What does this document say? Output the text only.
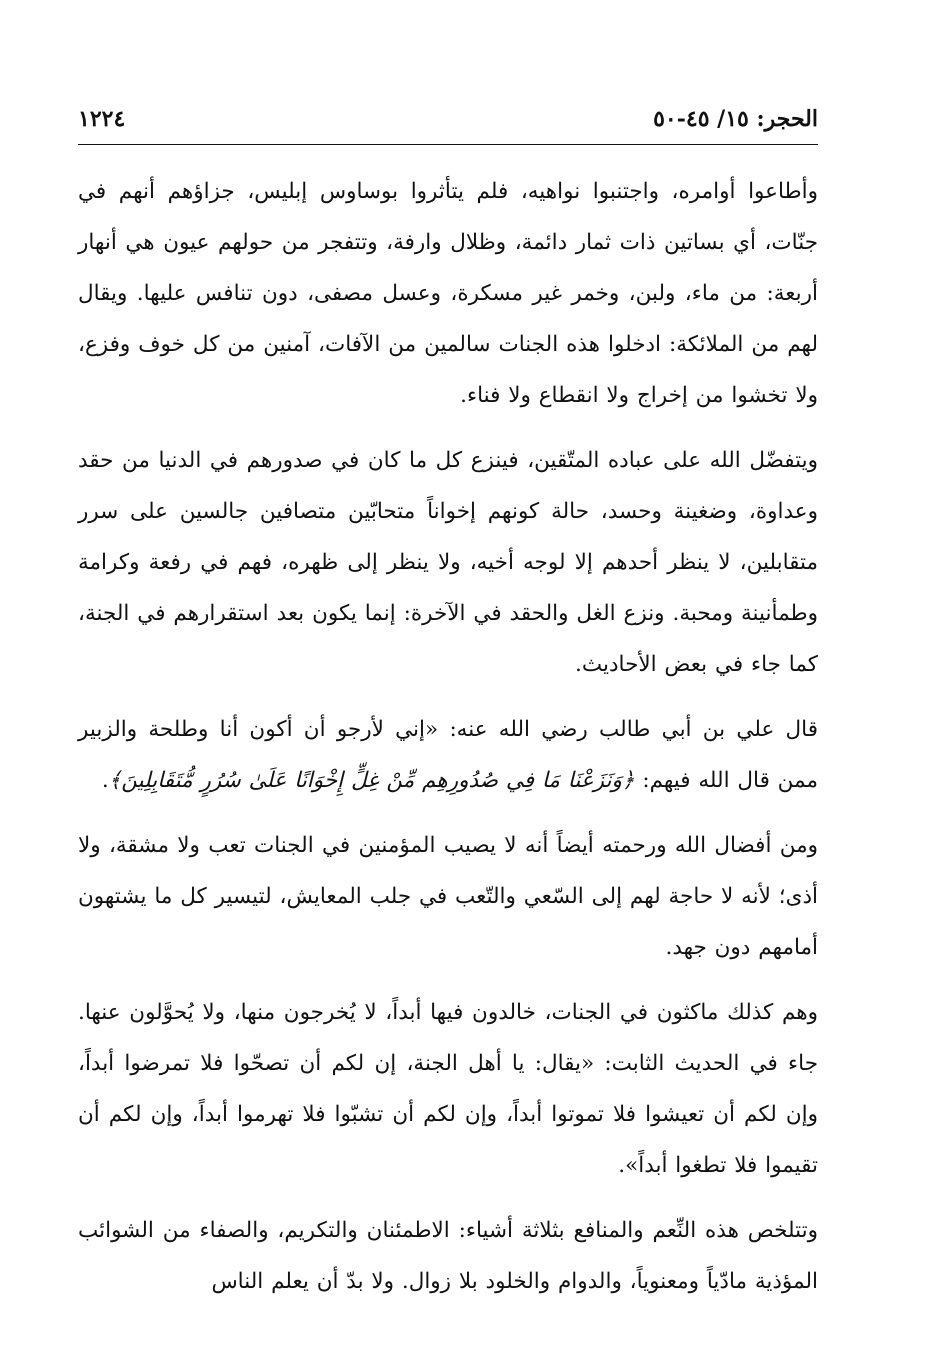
الحجر: ١٥/ ٤٥-٥٠
١٢٢٤

وأطاعوا أوامره، واجتنبوا نواهيه، فلم يتأثروا بوساوس إبليس، جزاؤهم أنهم في جنّات، أي بساتين ذات ثمار دائمة، وظلال وارفة، وتتفجر من حولهم عيون هي أنهار أربعة: من ماء، ولبن، وخمر غير مسكرة، وعسل مصفى، دون تنافس عليها. ويقال لهم من الملائكة: ادخلوا هذه الجنات سالمين من الآفات، آمنين من كل خوف وفزع، ولا تخشوا من إخراج ولا انقطاع ولا فناء.

ويتفضّل الله على عباده المتّقين، فينزع كل ما كان في صدورهم في الدنيا من حقد وعداوة، وضغينة وحسد، حالة كونهم إخواناً متحابّين متصافين جالسين على سرر متقابلين، لا ينظر أحدهم إلا لوجه أخيه، ولا ينظر إلى ظهره، فهم في رفعة وكرامة وطمأنينة ومحبة. ونزع الغل والحقد في الآخرة: إنما يكون بعد استقرارهم في الجنة، كما جاء في بعض الأحاديث.

قال علي بن أبي طالب رضي الله عنه: «إني لأرجو أن أكون أنا وطلحة والزبير ممن قال الله فيهم: ﴿وَنَزَعْنَا مَا فِي صُدُورِهِم مِّنْ غِلٍّ إِخْوَانًا عَلَىٰ سُرُرٍ مُّتَقَابِلِينَ﴾.

ومن أفضال الله ورحمته أيضاً أنه لا يصيب المؤمنين في الجنات تعب ولا مشقة، ولا أذى؛ لأنه لا حاجة لهم إلى السّعي والتّعب في جلب المعايش، لتيسير كل ما يشتهون أمامهم دون جهد.

وهم كذلك ماكثون في الجنات، خالدون فيها أبداً، لا يُخرجون منها، ولا يُحوَّلون عنها. جاء في الحديث الثابت: «يقال: يا أهل الجنة، إن لكم أن تصحّوا فلا تمرضوا أبداً، وإن لكم أن تعيشوا فلا تموتوا أبداً، وإن لكم أن تشبّوا فلا تهرموا أبداً، وإن لكم أن تقيموا فلا تطغوا أبداً».

وتتلخص هذه النِّعم والمنافع بثلاثة أشياء: الاطمئنان والتكريم، والصفاء من الشوائب المؤذية مادّياً ومعنوياً، والدوام والخلود بلا زوال. ولا بدّ أن يعلم الناس
